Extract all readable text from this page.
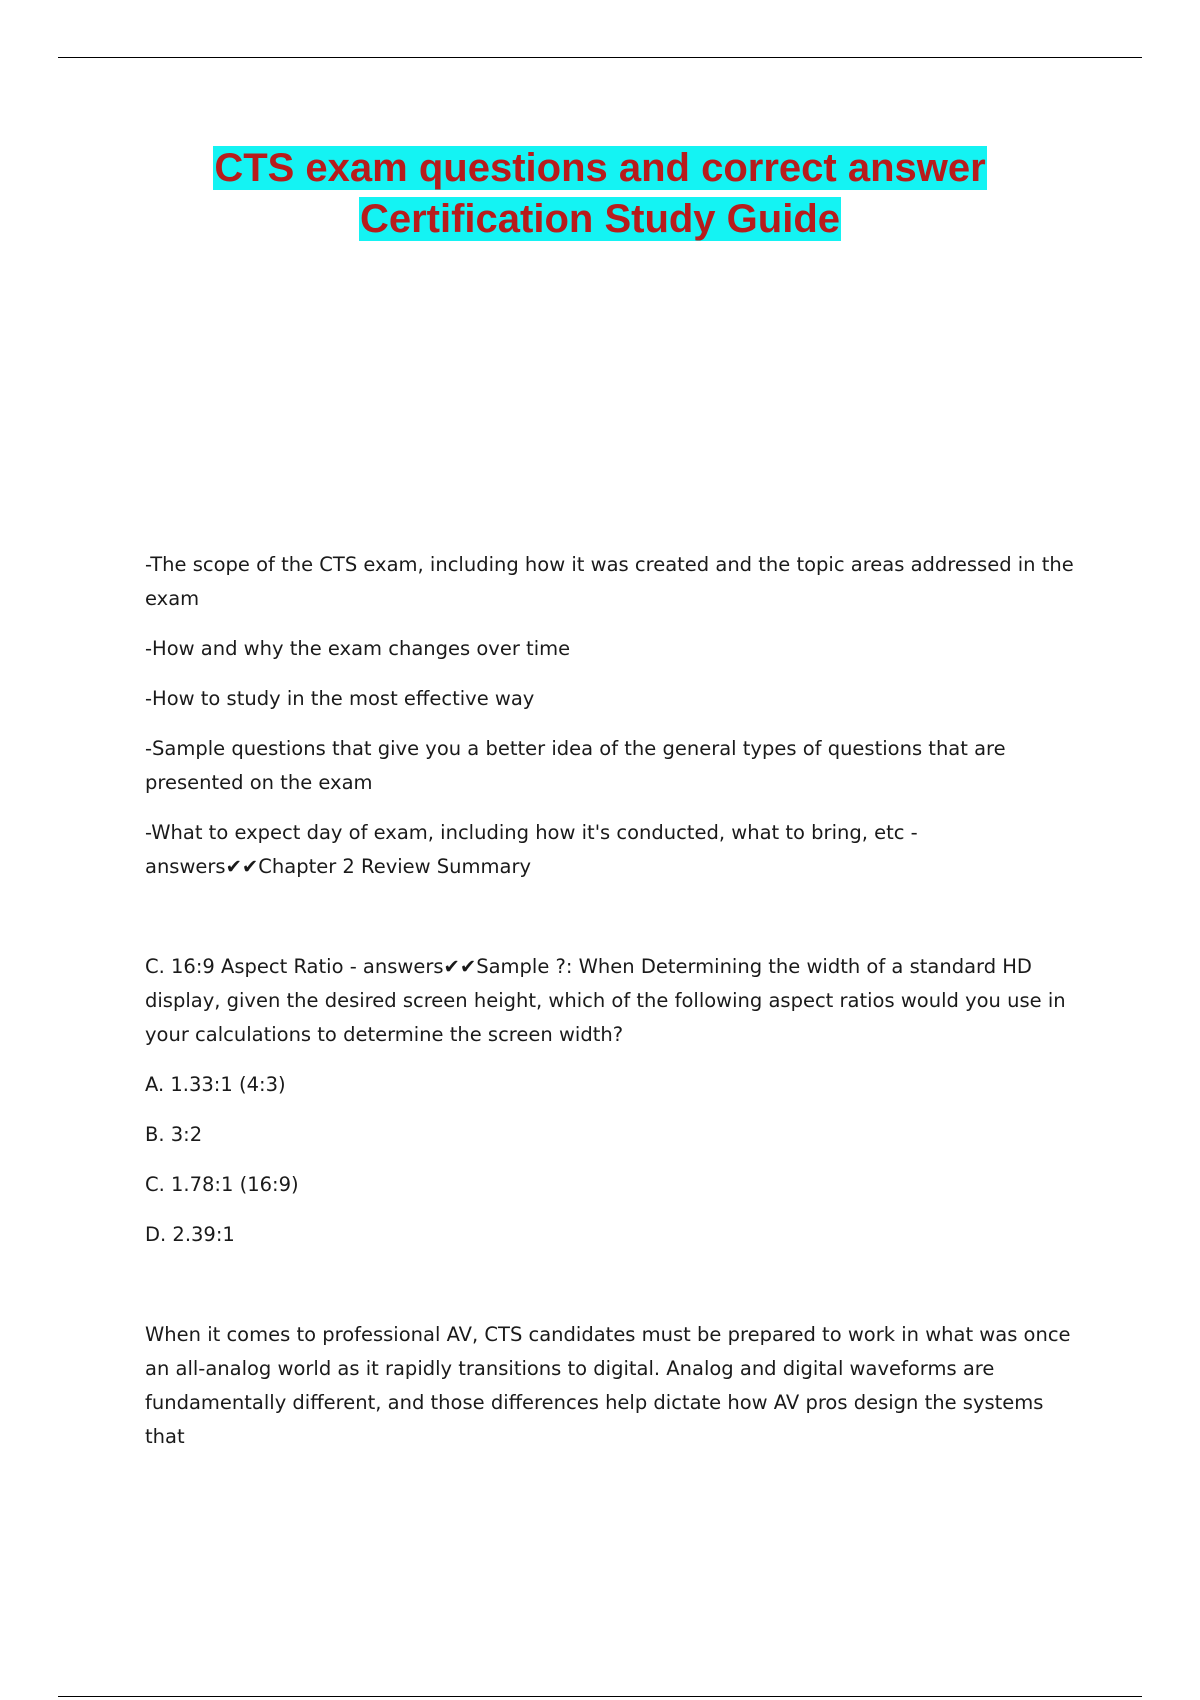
CTS exam questions and correct answer
Certification Study Guide

-The scope of the CTS exam, including how it was created and the topic areas addressed in the exam

-How and why the exam changes over time

-How to study in the most effective way

-Sample questions that give you a better idea of the general types of questions that are presented on the exam

-What to expect day of exam, including how it's conducted, what to bring, etc - answers✔✔Chapter 2 Review Summary

C. 16:9 Aspect Ratio - answers✔✔Sample ?: When Determining the width of a standard HD display, given the desired screen height, which of the following aspect ratios would you use in your calculations to determine the screen width?

A. 1.33:1 (4:3)

B. 3:2

C. 1.78:1 (16:9)

D. 2.39:1

When it comes to professional AV, CTS candidates must be prepared to work in what was once an all-analog world as it rapidly transitions to digital. Analog and digital waveforms are fundamentally different, and those differences help dictate how AV pros design the systems that
